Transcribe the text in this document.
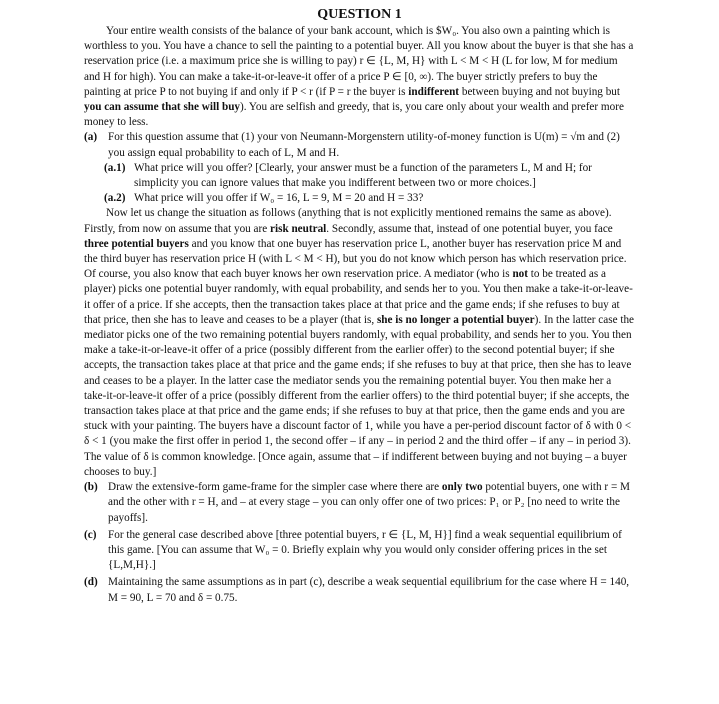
QUESTION 1

Your entire wealth consists of the balance of your bank account, which is $W₀. You also own a painting which is worthless to you. You have a chance to sell the painting to a potential buyer. All you know about the buyer is that she has a reservation price (i.e. a maximum price she is willing to pay) r ∈ {L, M, H} with L < M < H (L for low, M for medium and H for high). You can make a take-it-or-leave-it offer of a price P ∈ [0, ∞). The buyer strictly prefers to buy the painting at price P to not buying if and only if P < r (if P = r the buyer is indifferent between buying and not buying but you can assume that she will buy). You are selfish and greedy, that is, you care only about your wealth and prefer more money to less.

(a) For this question assume that (1) your von Neumann-Morgenstern utility-of-money function is U(m) = √m and (2) you assign equal probability to each of L, M and H.
(a.1) What price will you offer? [Clearly, your answer must be a function of the parameters L, M and H; for simplicity you can ignore values that make you indifferent between two or more choices.]
(a.2) What price will you offer if W₀ = 16, L = 9, M = 20 and H = 33?

Now let us change the situation as follows (anything that is not explicitly mentioned remains the same as above). Firstly, from now on assume that you are risk neutral. Secondly, assume that, instead of one potential buyer, you face three potential buyers and you know that one buyer has reservation price L, another buyer has reservation price M and the third buyer has reservation price H (with L < M < H), but you do not know which person has which reservation price. Of course, you also know that each buyer knows her own reservation price. A mediator (who is not to be treated as a player) picks one potential buyer randomly, with equal probability, and sends her to you. You then make a take-it-or-leave-it offer of a price. If she accepts, then the transaction takes place at that price and the game ends; if she refuses to buy at that price, then she has to leave and ceases to be a player (that is, she is no longer a potential buyer). In the latter case the mediator picks one of the two remaining potential buyers randomly, with equal probability, and sends her to you. You then make a take-it-or-leave-it offer of a price (possibly different from the earlier offer) to the second potential buyer; if she accepts, the transaction takes place at that price and the game ends; if she refuses to buy at that price, then she has to leave and ceases to be a player. In the latter case the mediator sends you the remaining potential buyer. You then make her a take-it-or-leave-it offer of a price (possibly different from the earlier offers) to the third potential buyer; if she accepts, the transaction takes place at that price and the game ends; if she refuses to buy at that price, then the game ends and you are stuck with your painting. The buyers have a discount factor of 1, while you have a per-period discount factor of δ with 0 < δ < 1 (you make the first offer in period 1, the second offer – if any – in period 2 and the third offer – if any – in period 3). The value of δ is common knowledge. [Once again, assume that – if indifferent between buying and not buying – a buyer chooses to buy.]

(b) Draw the extensive-form game-frame for the simpler case where there are only two potential buyers, one with r = M and the other with r = H, and – at every stage – you can only offer one of two prices: P₁ or P₂ [no need to write the payoffs].
(c)	For the general case described above [three potential buyers, r ∈ {L, M, H}] find a weak sequential equilibrium of this game. [You can assume that W₀ = 0. Briefly explain why you would only consider offering prices in the set {L,M,H}.]
(d) Maintaining the same assumptions as in part (c), describe a weak sequential equilibrium for the case where H = 140, M = 90, L = 70 and δ = 0.75.
